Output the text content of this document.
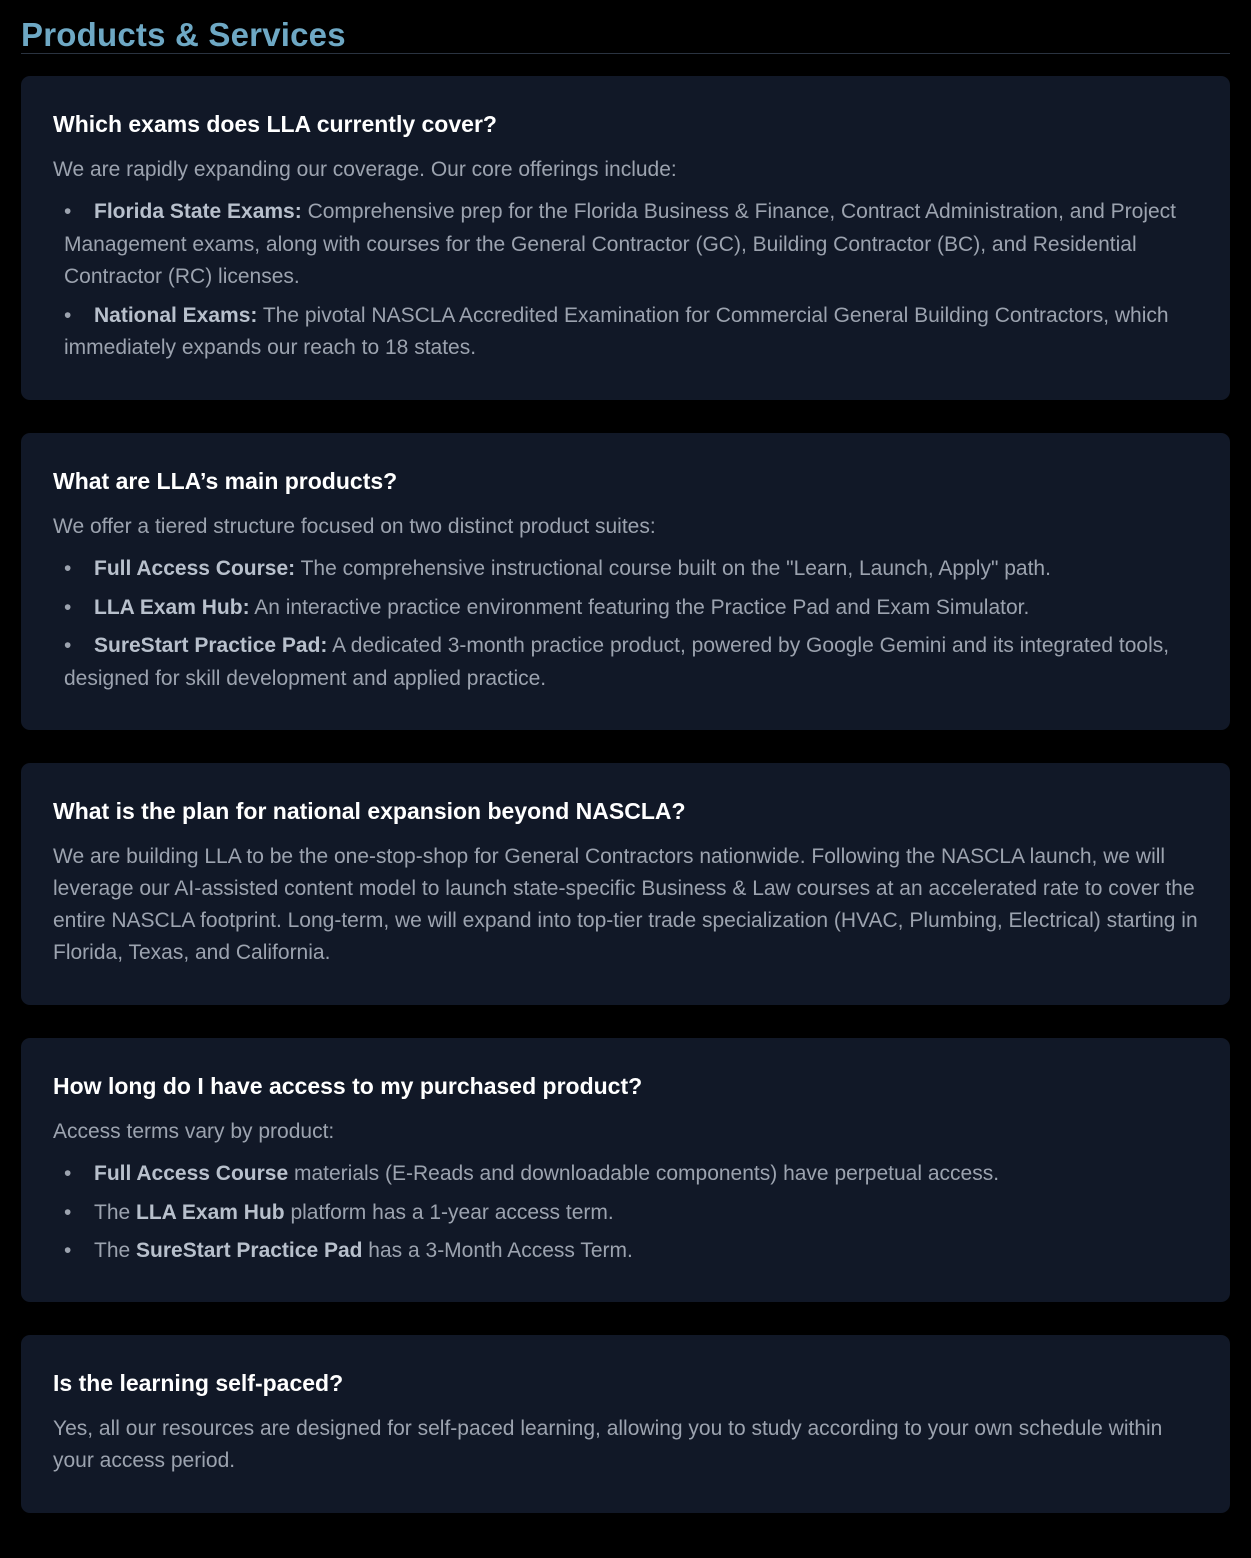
Products & Services
Which exams does LLA currently cover?

We are rapidly expanding our coverage. Our core offerings include:

• Florida State Exams: Comprehensive prep for the Florida Business & Finance, Contract Administration, and Project Management exams, along with courses for the General Contractor (GC), Building Contractor (BC), and Residential Contractor (RC) licenses.
• National Exams: The pivotal NASCLA Accredited Examination for Commercial General Building Contractors, which immediately expands our reach to 18 states.
What are LLA’s main products?

We offer a tiered structure focused on two distinct product suites:

• Full Access Course: The comprehensive instructional course built on the "Learn, Launch, Apply" path.
• LLA Exam Hub: An interactive practice environment featuring the Practice Pad and Exam Simulator.
• SureStart Practice Pad: A dedicated 3-month practice product, powered by Google Gemini and its integrated tools, designed for skill development and applied practice.
What is the plan for national expansion beyond NASCLA?

We are building LLA to be the one-stop-shop for General Contractors nationwide. Following the NASCLA launch, we will leverage our AI-assisted content model to launch state-specific Business & Law courses at an accelerated rate to cover the entire NASCLA footprint. Long-term, we will expand into top-tier trade specialization (HVAC, Plumbing, Electrical) starting in Florida, Texas, and California.

How long do I have access to my purchased product?

Access terms vary by product:

• Full Access Course materials (E-Reads and downloadable components) have perpetual access.
• The LLA Exam Hub platform has a 1-year access term.
• The SureStart Practice Pad has a 3-Month Access Term.
Is the learning self-paced?

Yes, all our resources are designed for self-paced learning, allowing you to study according to your own schedule within your access period.
